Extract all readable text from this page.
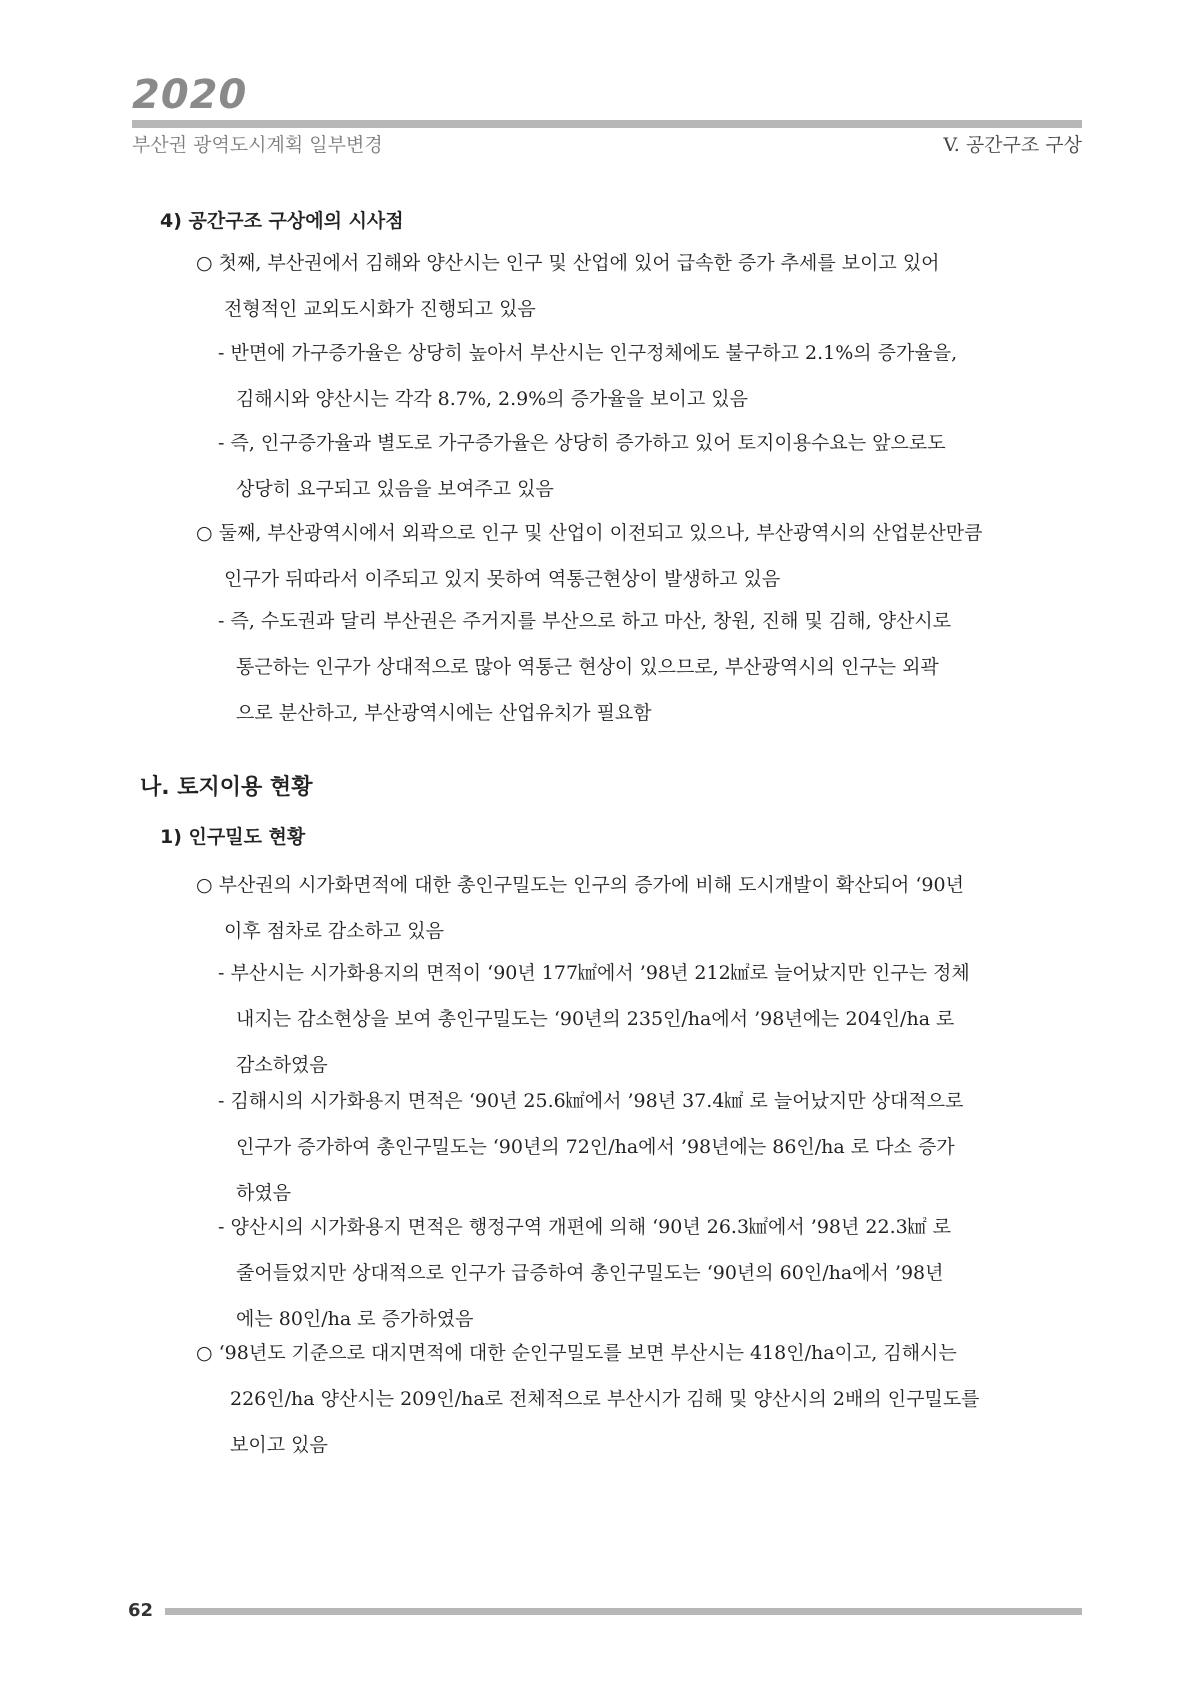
2020
부산권 광역도시계획 일부변경	V. 공간구조 구상
4) 공간구조 구상에의 시사점
○ 첫째, 부산권에서 김해와 양산시는 인구 및 산업에 있어 급속한 증가 추세를 보이고 있어
전형적인 교외도시화가 진행되고 있음
- 반면에 가구증가율은 상당히 높아서 부산시는 인구정체에도 불구하고 2.1%의 증가율을,
김해시와 양산시는 각각 8.7%, 2.9%의 증가율을 보이고 있음
- 즉, 인구증가율과 별도로 가구증가율은 상당히 증가하고 있어 토지이용수요는 앞으로도
상당히 요구되고 있음을 보여주고 있음
○ 둘째, 부산광역시에서 외곽으로 인구 및 산업이 이전되고 있으나, 부산광역시의 산업분산만큼
인구가 뒤따라서 이주되고 있지 못하여 역통근현상이 발생하고 있음
- 즉, 수도권과 달리 부산권은 주거지를 부산으로 하고 마산, 창원, 진해 및 김해, 양산시로
통근하는 인구가 상대적으로 많아 역통근 현상이 있으므로, 부산광역시의 인구는 외곽
으로 분산하고, 부산광역시에는 산업유치가 필요함
나. 토지이용 현황
1) 인구밀도 현황
○ 부산권의 시가화면적에 대한 총인구밀도는 인구의 증가에 비해 도시개발이 확산되어 ‘90년
이후 점차로 감소하고 있음
- 부산시는 시가화용지의 면적이 ‘90년 177㎢에서 ’98년 212㎢로 늘어났지만 인구는 정체
내지는 감소현상을 보여 총인구밀도는 ‘90년의 235인/ha에서 ’98년에는 204인/ha 로
감소하였음
- 김해시의 시가화용지 면적은 ‘90년 25.6㎢에서 ’98년 37.4㎢ 로 늘어났지만 상대적으로
인구가 증가하여 총인구밀도는 ‘90년의 72인/ha에서 ’98년에는 86인/ha 로 다소 증가
하였음
- 양산시의 시가화용지 면적은 행정구역 개편에 의해 ‘90년 26.3㎢에서 ’98년 22.3㎢ 로
줄어들었지만 상대적으로 인구가 급증하여 총인구밀도는 ‘90년의 60인/ha에서 ’98년
에는 80인/ha 로 증가하였음
○ ‘98년도 기준으로 대지면적에 대한 순인구밀도를 보면 부산시는 418인/ha이고, 김해시는
226인/ha 양산시는 209인/ha로 전체적으로 부산시가 김해 및 양산시의 2배의 인구밀도를
보이고 있음
62
